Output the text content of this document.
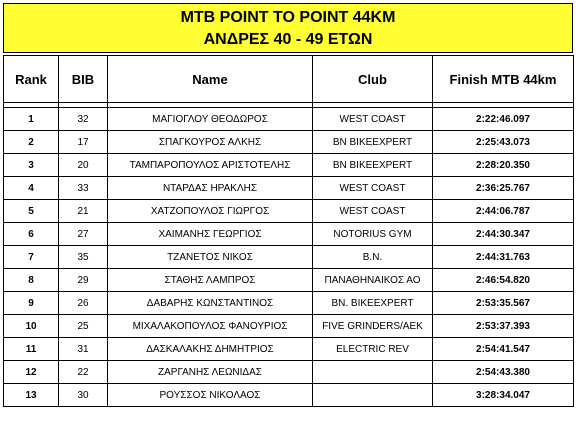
MTB POINT TO POINT 44KM
ΑΝΔΡΕΣ 40 - 49 ΕΤΩΝ
Rank	BIB	Name	Club	Finish MTB 44km

1	32	ΜΑΓΙΟΓΛΟΥ ΘΕΟΔΩΡΟΣ	WEST COAST	2:22:46.097
2	17	ΣΠΑΓΚΟΥΡΟΣ ΑΛΚΗΣ	BN BIKEEXPERT	2:25:43.073
3	20	ΤΑΜΠΑΡΟΠΟΥΛΟΣ ΑΡΙΣΤΟΤΕΛΗΣ	BN BIKEEXPERT	2:28:20.350
4	33	ΝΤΑΡΔΑΣ ΗΡΑΚΛΗΣ	WEST COAST	2:36:25.767
5	21	ΧΑΤΖΟΠΟΥΛΟΣ ΓΙΩΡΓΟΣ	WEST COAST	2:44:06.787
6	27	ΧΑΙΜΑΝΗΣ ΓΕΩΡΓΙΟΣ	NOTORIUS GYM	2:44:30.347
7	35	ΤΖΑΝΕΤΟΣ ΝΙΚΟΣ	B.N.	2:44:31.763
8	29	ΣΤΑΘΗΣ ΛΑΜΠΡΟΣ	ΠΑΝΑΘΗΝΑΙΚΟΣ ΑΟ	2:46:54.820
9	26	ΔΑΒΑΡΗΣ ΚΩΝΣΤΑΝΤΙΝΟΣ	BN. BIKEEXPERT	2:53:35.567
10	25	ΜΙΧΑΛΑΚΟΠΟΥΛΟΣ ΦΑΝΟΥΡΙΟΣ	FIVE GRINDERS/AEK	2:53:37.393
11	31	ΔΑΣΚΑΛΑΚΗΣ ΔΗΜΗΤΡΙΟΣ	ELECTRIC REV	2:54:41.547
12	22	ΖΑΡΓΑΝΗΣ ΛΕΩΝΙΔΑΣ		2:54:43.380
13	30	ΡΟΥΣΣΟΣ ΝΙΚΟΛΑΟΣ		3:28:34.047
